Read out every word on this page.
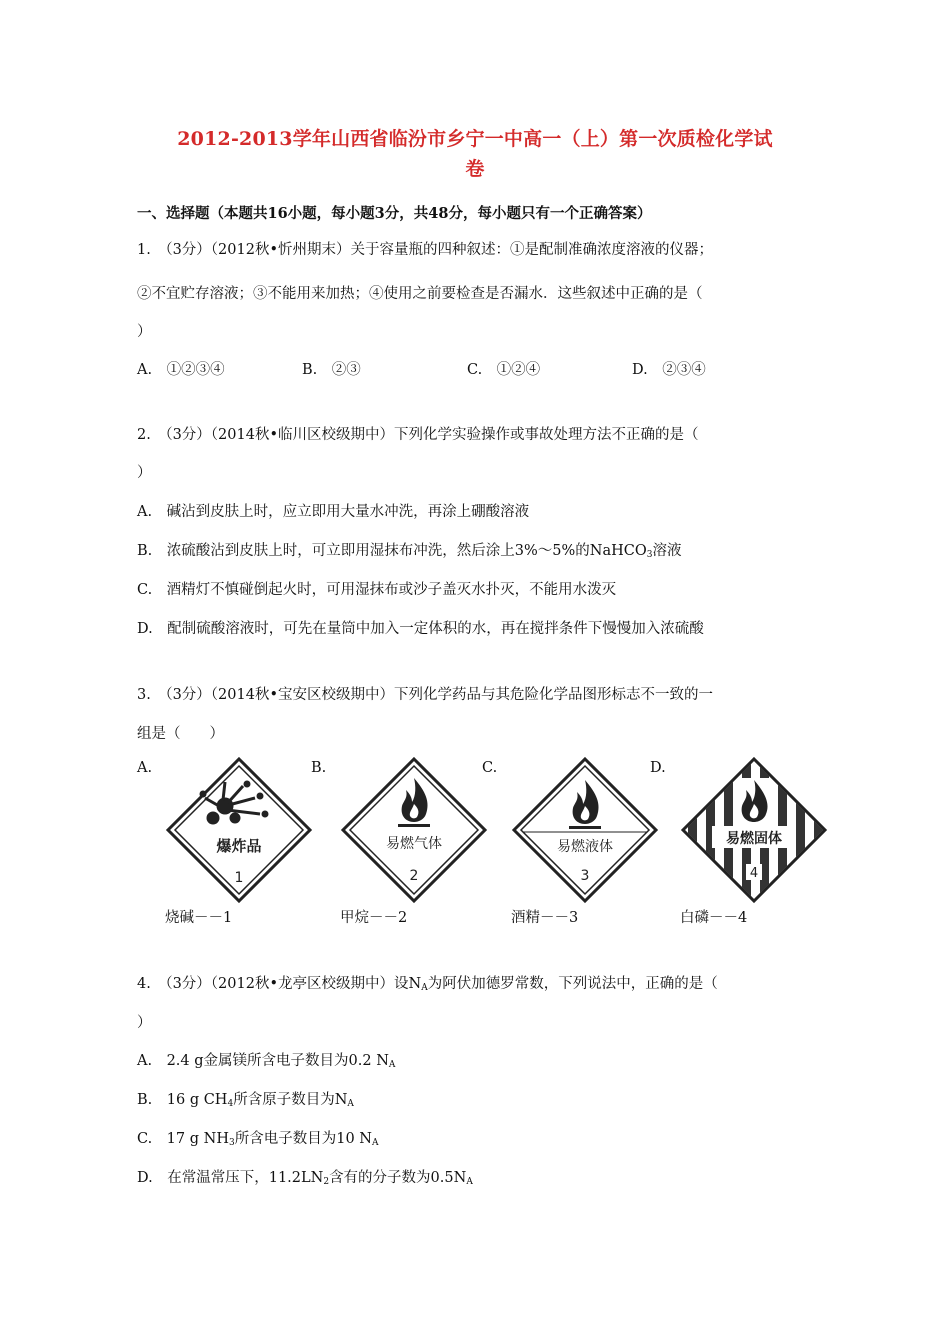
2012-2013学年山西省临汾市乡宁一中高一（上）第一次质检化学试
卷
一、选择题（本题共16小题，每小题3分，共48分，每小题只有一个正确答案）
1.　（3分）（2012秋•忻州期末）关于容量瓶的四种叙述：①是配制准确浓度溶液的仪器；
②不宜贮存溶液；③不能用来加热；④使用之前要检查是否漏水．这些叙述中正确的是（
）
A.　①②③④	B.　②③	C.　①②④	D.　②③④
2.　（3分）（2014秋•临川区校级期中）下列化学实验操作或事故处理方法不正确的是（
）
A.　碱沾到皮肤上时，应立即用大量水冲洗，再涂上硼酸溶液
B.　浓硫酸沾到皮肤上时，可立即用湿抹布冲洗，然后涂上3%～5%的NaHCO$_3$溶液
C.　酒精灯不慎碰倒起火时，可用湿抹布或沙子盖灭水扑灭，不能用水泼灭
D.　配制硫酸溶液时，可先在量筒中加入一定体积的水，再在搅拌条件下慢慢加入浓硫酸
3.　（3分）（2014秋•宝安区校级期中）下列化学药品与其危险化学品图形标志不一致的一
组是（　　）
A.	B.	C.	D.
爆炸品
1
易燃气体
2
易燃液体
3
易燃固体
4
烧碱－－1	甲烷－－2	酒精－－3	白磷－－4
4.　（3分）（2012秋•龙亭区校级期中）设$N_A$为阿伏加德罗常数，下列说法中，正确的是（
）
A.　2.4 g金属镁所含电子数目为0.2 $N_A$
B.　16 g $CH_4$所含原子数目为$N_A$
C.　17 g $NH_3$所含电子数目为10 $N_A$
D.　在常温常压下，$11.2LN_2$含有的分子数为$0.5N_A$
